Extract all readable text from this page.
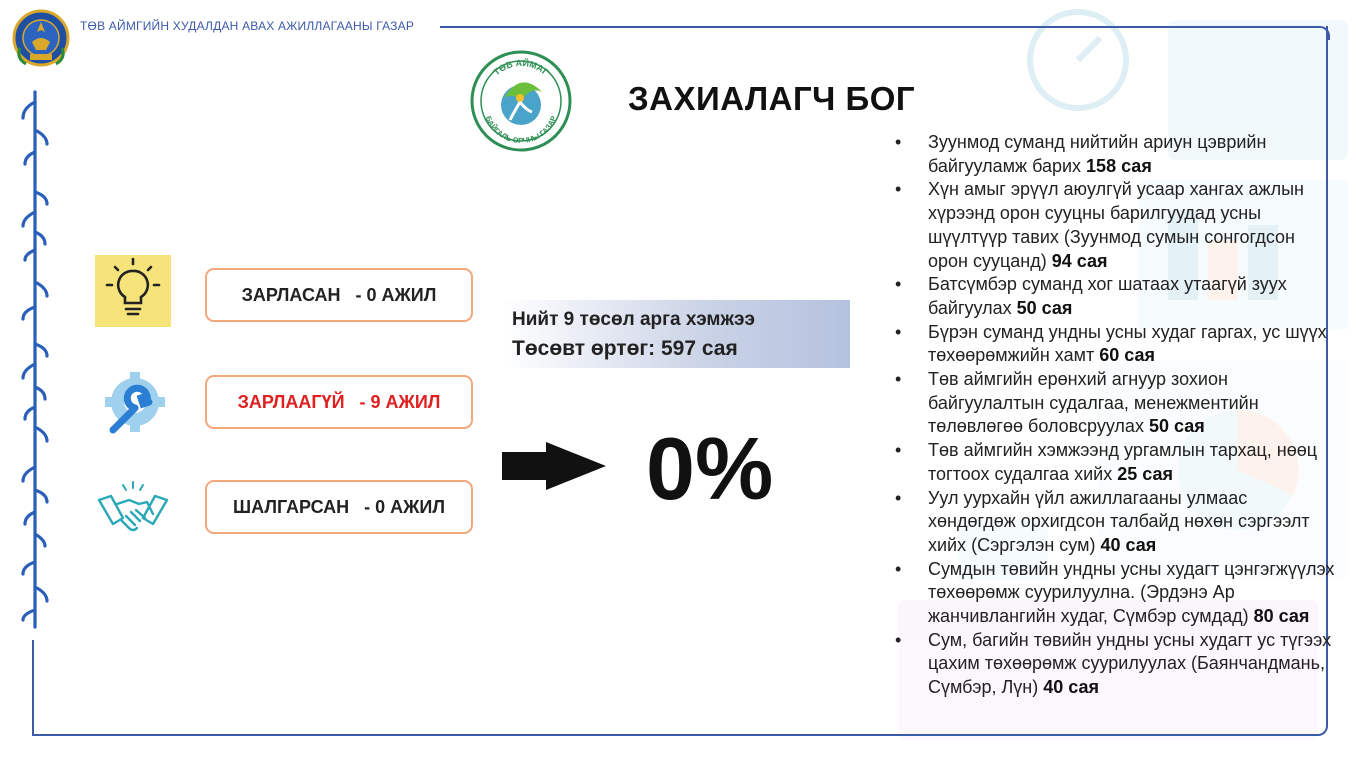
ТӨВ АЙМГИЙН ХУДАЛДАН АВАХ АЖИЛЛАГААНЫ ГАЗАР
ТӨВ АЙМАГ
БАЙГАЛЬ ОРЧНЫ ГАЗАР
ЗАХИАЛАГЧ БОГ
ЗАРЛАСАН   - 0 АЖИЛ
ЗАРЛААГҮЙ   - 9 АЖИЛ
ШАЛГАРСАН   - 0 АЖИЛ
Нийт 9 төсөл арга хэмжээ
Төсөвт өртөг: 597 сая
0%
• Зуунмод суманд нийтийн ариун цэврийн байгууламж барих 158 сая
• Хүн амыг эрүүл аюулгүй усаар хангах ажлын хүрээнд орон сууцны барилгуудад усны шүүлтүүр тавих (Зуунмод сумын сонгогдсон орон сууцанд) 94 сая
• Батсүмбэр суманд хог шатаах утаагүй зуух байгуулах 50 сая
• Бүрэн суманд ундны усны худаг гаргах, ус шүүх төхөөрөмжийн хамт 60 сая
• Төв аймгийн ерөнхий агнуур зохион байгуулалтын судалгаа, менежментийн төлөвлөгөө боловсруулах 50 сая
• Төв аймгийн хэмжээнд ургамлын тархац, нөөц тогтоох судалгаа хийх 25 сая
• Уул уурхайн үйл ажиллагааны улмаас хөндөгдөж орхигдсон талбайд нөхөн сэргээлт хийх (Сэргэлэн сум) 40 сая
• Сумдын төвийн ундны усны худагт цэнгэгжүүлэх төхөөрөмж суурилуулна. (Эрдэнэ Ар жанчивлангийн худаг, Сүмбэр сумдад) 80 сая
• Сум, багийн төвийн ундны усны худагт ус түгээх цахим төхөөрөмж суурилуулах (Баянчандмань, Сүмбэр, Лүн) 40 сая
